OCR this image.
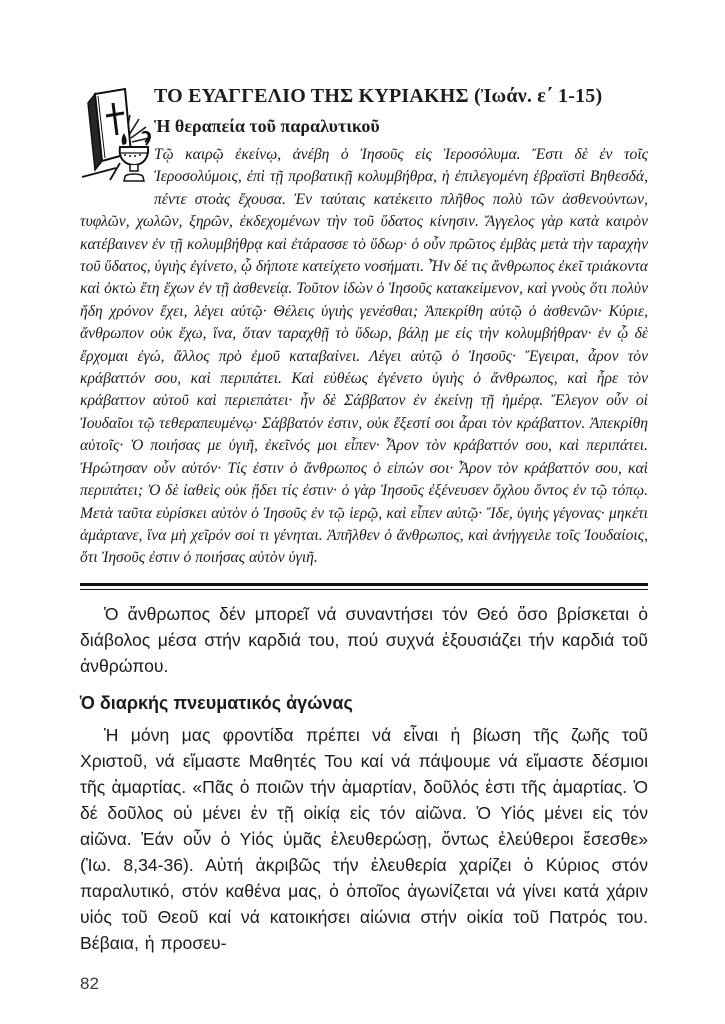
ΤΟ ΕΥΑΓΓΕΛΙΟ ΤΗΣ ΚΥΡΙΑΚΗΣ (Ἰωάν. ε΄ 1-15)
Ἡ θεραπεία τοῦ παραλυτικοῦ

Τῷ καιρῷ ἐκείνῳ, ἀνέβη ὁ Ἰησοῦς εἰς Ἱεροσόλυμα. Ἔστι δὲ ἐν τοῖς Ἱεροσολύμοις, ἐπὶ τῇ προβατικῇ κολυμβήθρα, ἡ ἐπιλεγομένη ἑβραϊστὶ Βηθεσδά, πέντε στοὰς ἔχουσα. Ἐν ταύταις κατέκειτο πλῆθος πολὺ τῶν ἀσθενούντων, τυφλῶν, χωλῶν, ξηρῶν, ἐκδεχομένων τὴν τοῦ ὕδατος κίνησιν. Ἄγγελος γὰρ κατὰ καιρὸν κατέβαινεν ἐν τῇ κολυμβήθρᾳ καὶ ἐτάρασσε τὸ ὕδωρ· ὁ οὖν πρῶτος ἐμβὰς μετὰ τὴν ταραχὴν τοῦ ὕδατος, ὑγιὴς ἐγίνετο, ᾧ δήποτε κατείχετο νοσήματι. Ἦν δέ τις ἄνθρωπος ἐκεῖ τριάκοντα καὶ ὀκτὼ ἔτη ἔχων ἐν τῇ ἀσθενείᾳ. Τοῦτον ἰδὼν ὁ Ἰησοῦς κατακείμενον, καὶ γνοὺς ὅτι πολὺν ἤδη χρόνον ἔχει, λέγει αὐτῷ· Θέλεις ὑγιὴς γενέσθαι; Ἀπεκρίθη αὐτῷ ὁ ἀσθενῶν· Κύριε, ἄνθρωπον οὐκ ἔχω, ἵνα, ὅταν ταραχθῇ τὸ ὕδωρ, βάλῃ με εἰς τὴν κολυμβήθραν· ἐν ᾧ δὲ ἔρχομαι ἐγώ, ἄλλος πρὸ ἐμοῦ καταβαίνει. Λέγει αὐτῷ ὁ Ἰησοῦς· Ἔγειραι, ἆρον τὸν κράβαττόν σου, καὶ περιπάτει. Καὶ εὐθέως ἐγένετο ὑγιὴς ὁ ἄνθρωπος, καὶ ἦρε τὸν κράβαττον αὐτοῦ καὶ περιεπάτει· ἦν δὲ Σάββατον ἐν ἐκείνῃ τῇ ἡμέρᾳ. Ἔλεγον οὖν οἱ Ἰουδαῖοι τῷ τεθεραπευμένῳ· Σάββατόν ἐστιν, οὐκ ἔξεστί σοι ἆραι τὸν κράβαττον. Ἀπεκρίθη αὐτοῖς· Ὁ ποιήσας με ὑγιῆ, ἐκεῖνός μοι εἶπεν· Ἆρον τὸν κράβαττόν σου, καὶ περιπάτει. Ἠρώτησαν οὖν αὐτόν· Τίς ἐστιν ὁ ἄνθρωπος ὁ εἰπών σοι· Ἆρον τὸν κράβαττόν σου, καὶ περιπάτει; Ὁ δὲ ἰαθεὶς οὐκ ᾔδει τίς ἐστιν· ὁ γὰρ Ἰησοῦς ἐξένευσεν ὄχλου ὄντος ἐν τῷ τόπῳ. Μετὰ ταῦτα εὑρίσκει αὐτὸν ὁ Ἰησοῦς ἐν τῷ ἱερῷ, καὶ εἶπεν αὐτῷ· Ἴδε, ὑγιὴς γέγονας· μηκέτι ἁμάρτανε, ἵνα μὴ χεῖρόν σοί τι γένηται. Ἀπῆλθεν ὁ ἄνθρωπος, καὶ ἀνήγγειλε τοῖς Ἰουδαίοις, ὅτι Ἰησοῦς ἐστιν ὁ ποιήσας αὐτὸν ὑγιῆ.

Ὁ ἄνθρωπος δέν μπορεῖ νά συναντήσει τόν Θεό ὅσο βρίσκεται ὁ διάβολος μέσα στήν καρδιά του, πού συχνά ἐξουσιάζει τήν καρδιά τοῦ ἀνθρώπου.

Ὁ διαρκής πνευματικός ἀγώνας

Ἡ μόνη μας φροντίδα πρέπει νά εἶναι ἡ βίωση τῆς ζωῆς τοῦ Χριστοῦ, νά εἴμαστε Μαθητές Του καί νά πάψουμε νά εἴμαστε δέσμιοι τῆς ἁμαρτίας. «Πᾶς ὁ ποιῶν τήν ἁμαρτίαν, δοῦλός ἐστι τῆς ἁμαρτίας. Ὁ δέ δοῦλος οὐ μένει ἐν τῇ οἰκίᾳ εἰς τόν αἰῶνα. Ὁ Υἱός μένει εἰς τόν αἰῶνα. Ἐάν οὖν ὁ Υἱός ὑμᾶς ἐλευθερώσῃ, ὄντως ἐλεύθεροι ἔσεσθε» (Ἰω. 8,34-36). Αὐτή ἀκριβῶς τήν ἐλευθερία χαρίζει ὁ Κύριος στόν παραλυτικό, στόν καθένα μας, ὁ ὁποῖος ἀγωνίζεται νά γίνει κατά χάριν υἱός τοῦ Θεοῦ καί νά κατοικήσει αἰώνια στήν οἰκία τοῦ Πατρός του. Βέβαια, ἡ προσευ-

82
